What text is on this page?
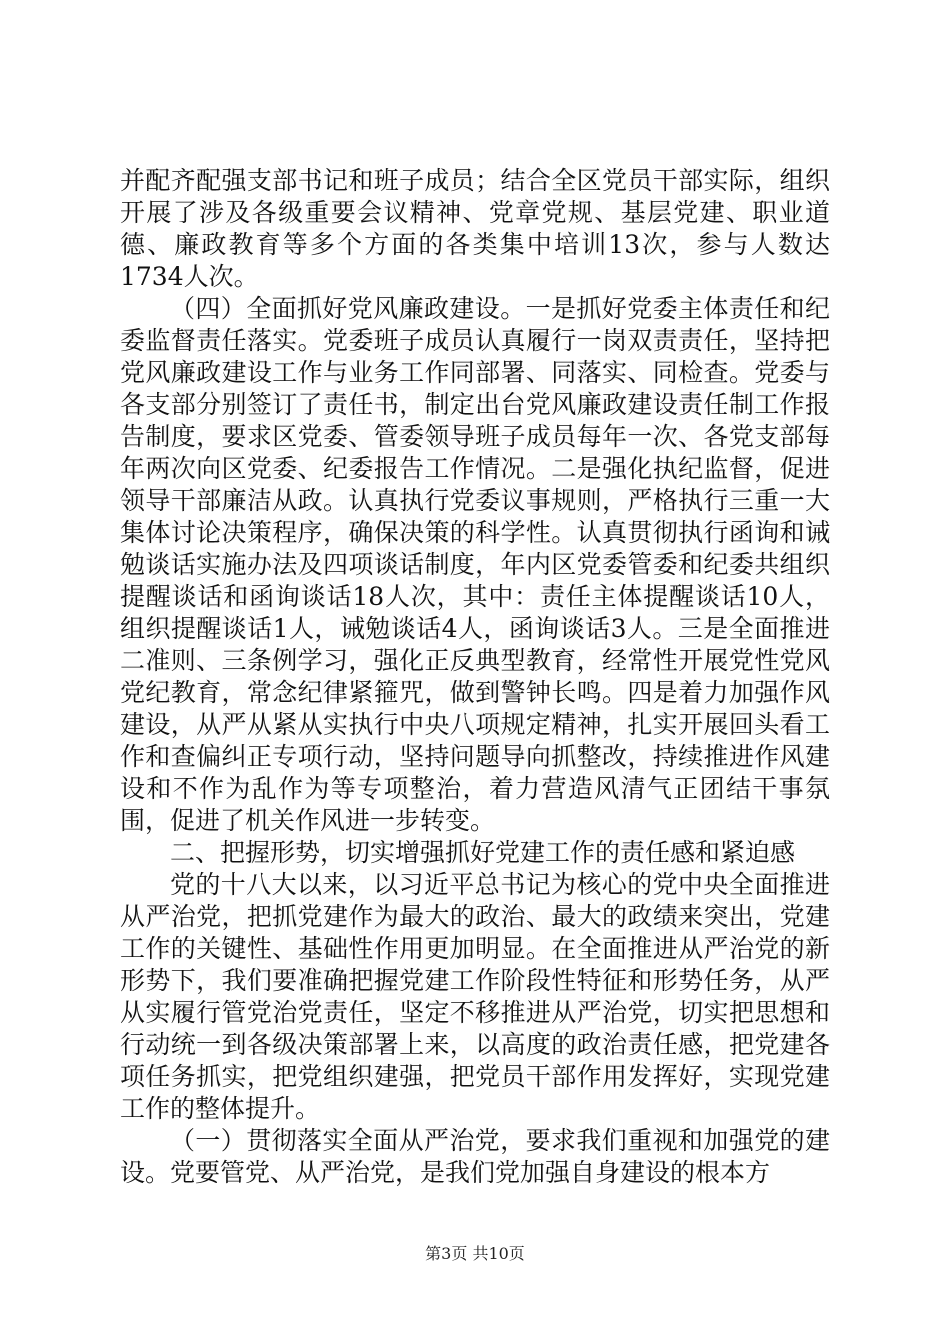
并配齐配强支部书记和班子成员；结合全区党员干部实际，组织开展了涉及各级重要会议精神、党章党规、基层党建、职业道德、廉政教育等多个方面的各类集中培训13次，参与人数达1734人次。

（四）全面抓好党风廉政建设。一是抓好党委主体责任和纪委监督责任落实。党委班子成员认真履行一岗双责责任，坚持把党风廉政建设工作与业务工作同部署、同落实、同检查。党委与各支部分别签订了责任书，制定出台党风廉政建设责任制工作报告制度，要求区党委、管委领导班子成员每年一次、各党支部每年两次向区党委、纪委报告工作情况。二是强化执纪监督，促进领导干部廉洁从政。认真执行党委议事规则，严格执行三重一大集体讨论决策程序，确保决策的科学性。认真贯彻执行函询和诫勉谈话实施办法及四项谈话制度，年内区党委管委和纪委共组织提醒谈话和函询谈话18人次，其中：责任主体提醒谈话10人，组织提醒谈话1人，诫勉谈话4人，函询谈话3人。三是全面推进二准则、三条例学习，强化正反典型教育，经常性开展党性党风党纪教育，常念纪律紧箍咒，做到警钟长鸣。四是着力加强作风建设，从严从紧从实执行中央八项规定精神，扎实开展回头看工作和查偏纠正专项行动，坚持问题导向抓整改，持续推进作风建设和不作为乱作为等专项整治，着力营造风清气正团结干事氛围，促进了机关作风进一步转变。

二、把握形势，切实增强抓好党建工作的责任感和紧迫感

党的十八大以来，以习近平总书记为核心的党中央全面推进从严治党，把抓党建作为最大的政治、最大的政绩来突出，党建工作的关键性、基础性作用更加明显。在全面推进从严治党的新形势下，我们要准确把握党建工作阶段性特征和形势任务，从严从实履行管党治党责任，坚定不移推进从严治党，切实把思想和行动统一到各级决策部署上来，以高度的政治责任感，把党建各项任务抓实，把党组织建强，把党员干部作用发挥好，实现党建工作的整体提升。

（一）贯彻落实全面从严治党，要求我们重视和加强党的建设。党要管党、从严治党，是我们党加强自身建设的根本方

第3页 共10页
